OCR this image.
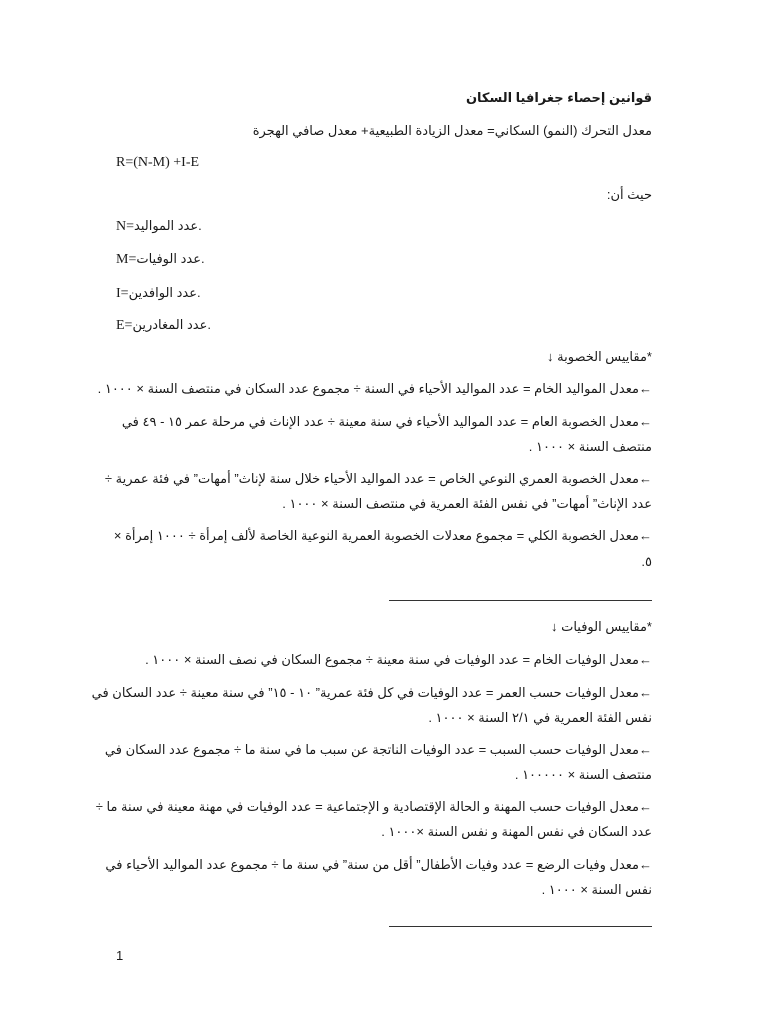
قوانين إحصاء جغرافيا السكان
معدل التحرك (النمو) السكاني= معدل الزيادة الطبيعية+ معدل صافي الهجرة
R=(N-M) +I-E
حيث أن:
N=عدد المواليد.
M=عدد الوفيات.
I=عدد الوافدين.
E=عدد المغادرين.
*مقاييس الخصوبة ↓
←معدل المواليد الخام = عدد المواليد الأحياء في السنة ÷ مجموع عدد السكان في منتصف السنة × ١٠٠٠ .
←معدل الخصوبة العام = عدد المواليد الأحياء في سنة معينة ÷ عدد الإناث في مرحلة عمر ١٥ - ٤٩ في
منتصف السنة × ١٠٠٠ .
←معدل الخصوبة العمري النوعي الخاص = عدد المواليد الأحياء خلال سنة لإناث” أمهات” في فئة عمرية ÷
عدد الإناث” أمهات” في نفس الفئة العمرية في منتصف السنة × ١٠٠٠ .
←معدل الخصوبة الكلي = مجموع معدلات الخصوبة العمرية النوعية الخاصة لألف إمرأة ÷ ١٠٠٠ إمرأة ×
٥.
*مقاييس الوفيات ↓
←معدل الوفيات الخام = عدد الوفيات في سنة معينة ÷ مجموع السكان في نصف السنة × ١٠٠٠ .
←معدل الوفيات حسب العمر = عدد الوفيات في كل فئة عمرية” ١٠ - ١٥” في سنة معينة ÷ عدد السكان في
نفس الفئة العمرية في ٢/١ السنة × ١٠٠٠ .
←معدل الوفيات حسب السبب = عدد الوفيات الناتجة عن سبب ما في سنة ما ÷ مجموع عدد السكان في
منتصف السنة × ١٠٠٠٠٠ .
←معدل الوفيات حسب المهنة و الحالة الإقتصادية و الإجتماعية = عدد الوفيات في مهنة معينة في سنة ما ÷
عدد السكان في نفس المهنة و نفس السنة ×١٠٠٠ .
←معدل وفيات الرضع = عدد وفيات الأطفال” أقل من سنة” في سنة ما ÷ مجموع عدد المواليد الأحياء في
نفس السنة × ١٠٠٠ .
1
